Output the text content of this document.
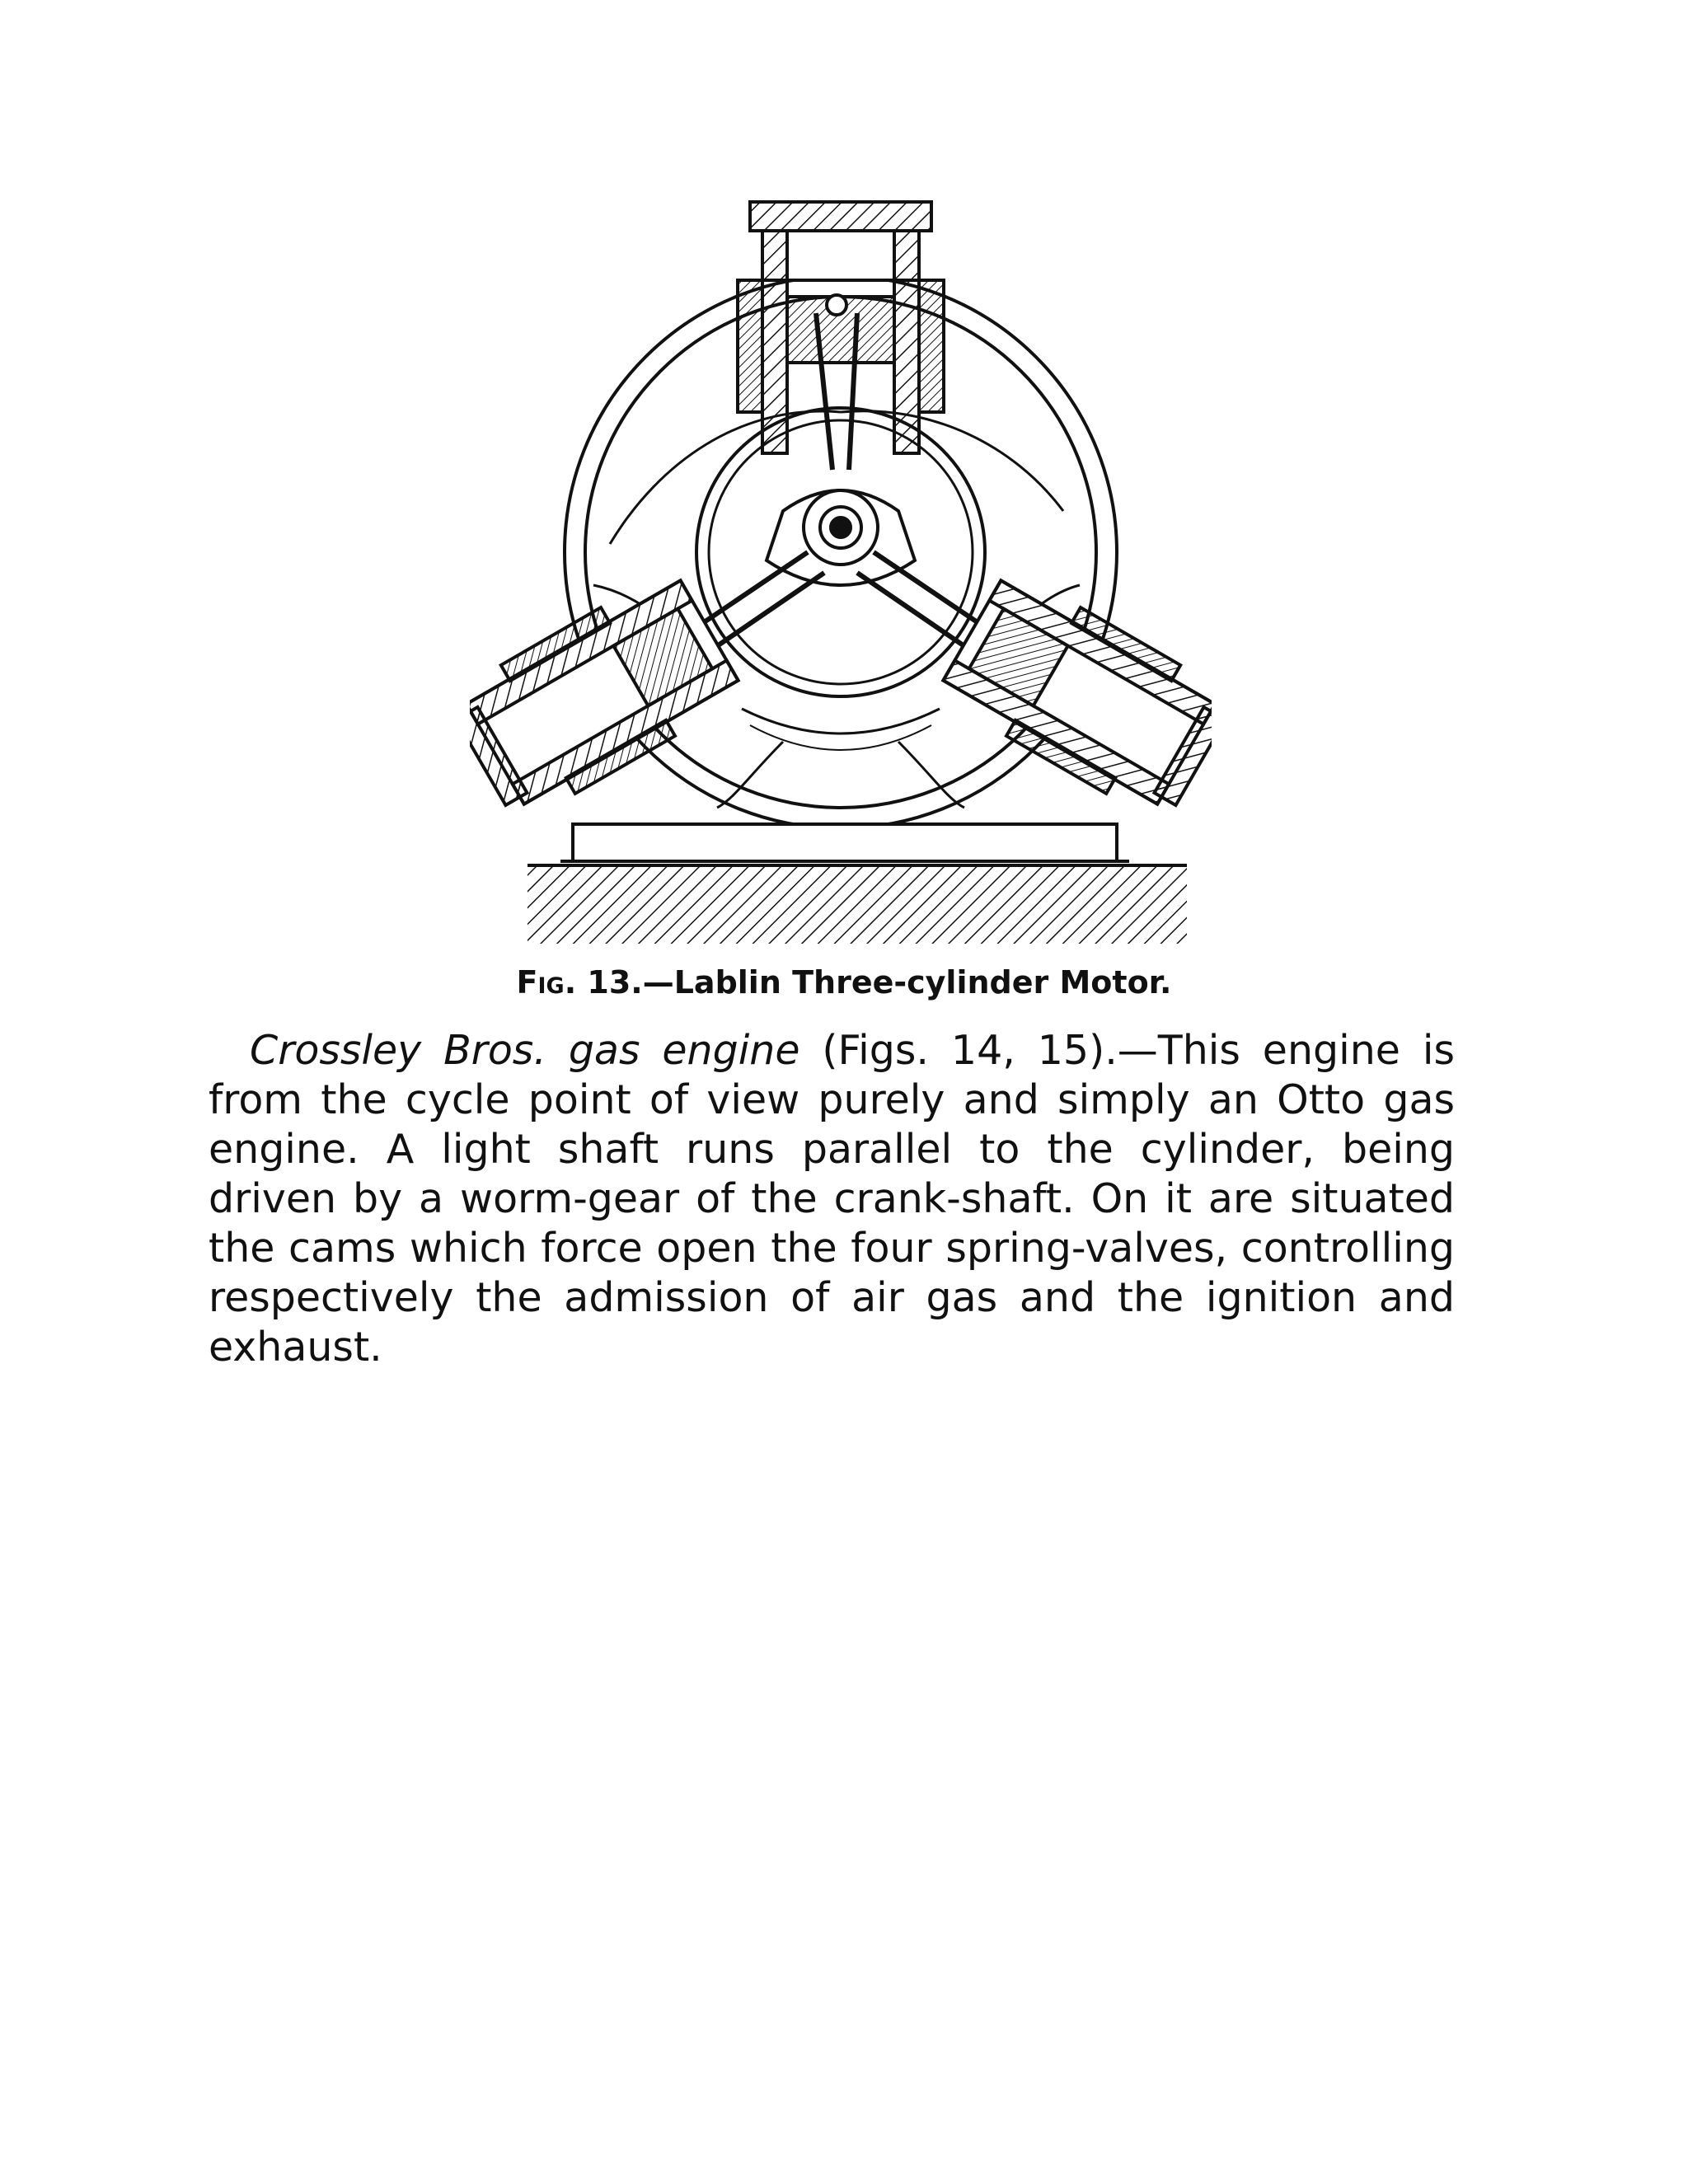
Fig. 13.—Lablin Three-cylinder Motor.
Crossley Bros. gas engine (Figs. 14, 15).—This engine is from the cycle point of view purely and simply an Otto gas engine. A light shaft runs parallel to the cylinder, being driven by a worm-gear of the crank-shaft. On it are situated the cams which force open the four spring-valves, controlling respectively the admission of air gas and the ignition and exhaust.
